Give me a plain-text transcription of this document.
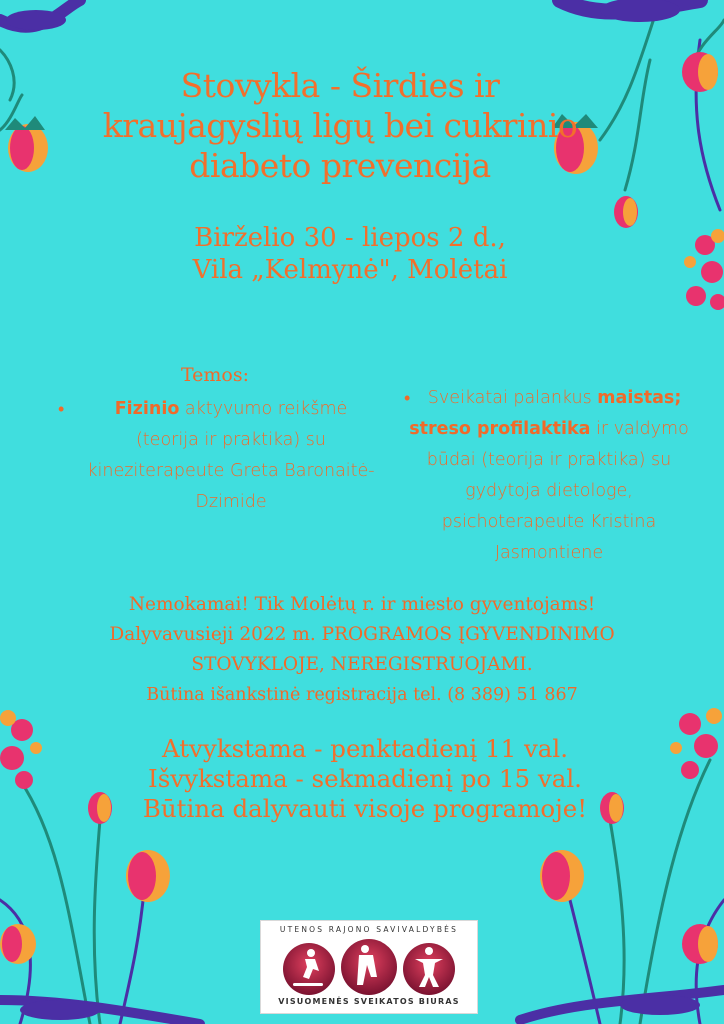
Stovykla - Širdies ir
kraujagyslių ligų bei cukrinio
diabeto prevencija
Birželio 30 - liepos 2 d.,
Vila „Kelmynė", Molėtai
Temos:
•	Fizinio aktyvumo reikšmė (teorija ir praktika) su kineziterapeute Greta Baronaitė-Dzimide
• Sveikatai palankus maistas; streso profilaktika ir valdymo būdai (teorija ir praktika) su gydytoja dietologe, psichoterapeute Kristina Jasmontiene
Nemokamai! Tik Molėtų r. ir miesto gyventojams!
Dalyvavusieji 2022 m. PROGRAMOS ĮGYVENDINIMO
STOVYKLOJE, NEREGISTRUOJAMI.
Būtina išankstinė registracija tel. (8 389) 51 867
Atvykstama - penktadienį 11 val.
Išvykstama - sekmadienį po 15 val.
Būtina dalyvauti visoje programoje!
UTENOS RAJONO SAVIVALDYBĖS
VISUOMENĖS SVEIKATOS BIURAS
